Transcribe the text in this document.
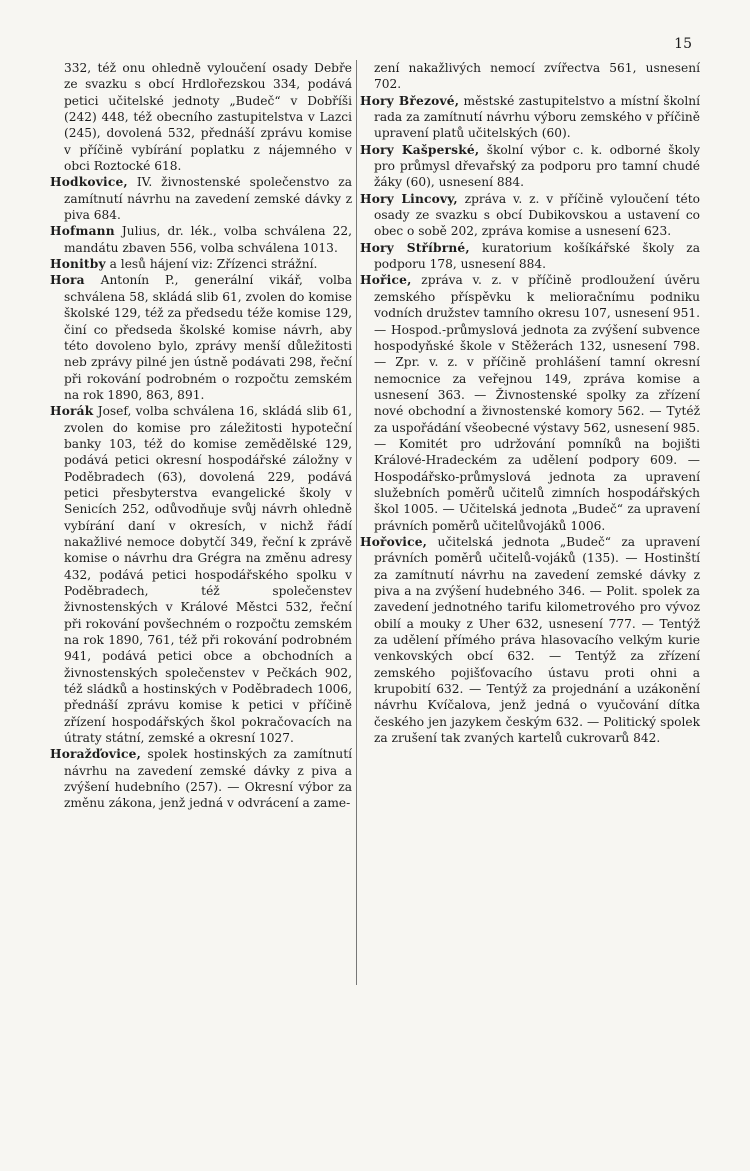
15

332, též onu ohledně vyloučení osady Debře ze svazku s obcí Hrdlořezskou 334, podává petici učitelské jednoty „Budeč“ v Dobříši (242) 448, též obecního zastupitelstva v Lazci (245), dovolená 532, přednáší zprávu komise v příčině vybírání poplatku z nájemného v obci Roztocké 618.

Hodkovice, IV. živnostenské společenstvo za zamítnutí návrhu na zavedení zemské dávky z piva 684.

Hofmann Julius, dr. lék., volba schválena 22, mandátu zbaven 556, volba schválena 1013.

Honitby a lesů hájení viz: Zřízenci strážní.

Hora Antonín P., generální vikář, volba schválena 58, skládá slib 61, zvolen do komise školské 129, též za předsedu téže komise 129, činí co předseda školské komise návrh, aby této dovoleno bylo, zprávy menší důležitosti neb zprávy pilné jen ústně podávati 298, řeční při rokování podrobném o rozpočtu zemském na rok 1890, 863, 891.

Horák Josef, volba schválena 16, skládá slib 61, zvolen do komise pro záležitosti hypoteční banky 103, též do komise zemědělské 129, podává petici okresní hospodářské záložny v Poděbradech (63), dovolená 229, podává petici přesbyterstva evangelické školy v Senicích 252, odůvodňuje svůj návrh ohledně vybírání daní v okresích, v nichž řádí nakažlivé nemoce dobytčí 349, řeční k zprávě komise o návrhu dra Grégra na změnu adresy 432, podává petici hospodářského spolku v Poděbradech, též společenstev živnostenských v Králové Městci 532, řeční při rokování povšechném o rozpočtu zemském na rok 1890, 761, též při rokování podrobném 941, podává petici obce a obchodních a živnostenských společenstev v Pečkách 902, též sládků a hostinských v Poděbradech 1006, přednáší zprávu komise k petici v příčině zřízení hospodářských škol pokračovacích na útraty státní, zemské a okresní 1027.

Horažďovice, spolek hostinských za zamítnutí návrhu na zavedení zemské dávky z piva a zvýšení hudebního (257). — Okresní výbor za změnu zákona, jenž jedná v odvrácení a zame-

zení nakažlivých nemocí zvířectva 561, usnesení 702.

Hory Březové, městské zastupitelstvo a místní školní rada za zamítnutí návrhu výboru zemského v příčině upravení platů učitelských (60).

Hory Kašperské, školní výbor c. k. odborné školy pro průmysl dřevařský za podporu pro tamní chudé žáky (60), usnesení 884.

Hory Lincovy, zpráva v. z. v příčině vyloučení této osady ze svazku s obcí Dubikovskou a ustavení co obec o sobě 202, zpráva komise a usnesení 623.

Hory Stříbrné, kuratorium košíkářské školy za podporu 178, usnesení 884.

Hořice, zpráva v. z. v příčině prodloužení úvěru zemského příspěvku k melioračnímu podniku vodních družstev tamního okresu 107, usnesení 951. — Hospod.-průmyslová jednota za zvýšení subvence hospodyňské škole v Stěžerách 132, usnesení 798. — Zpr. v. z. v příčině prohlášení tamní okresní nemocnice za veřejnou 149, zpráva komise a usnesení 363. — Živnostenské spolky za zřízení nové obchodní a živnostenské komory 562. — Tytéž za uspořádání všeobecné výstavy 562, usnesení 985. — Komitét pro udržování pomníků na bojišti Králové-Hradeckém za udělení podpory 609. — Hospodářsko-průmyslová jednota za upravení služebních poměrů učitelů zimních hospodářských škol 1005. — Učitelská jednota „Budeč“ za upravení právních poměrů učitelůvojáků 1006.

Hořovice, učitelská jednota „Budeč“ za upravení právních poměrů učitelů-vojáků (135). — Hostinští za zamítnutí návrhu na zavedení zemské dávky z piva a na zvýšení hudebného 346. — Polit. spolek za zavedení jednotného tarifu kilometrového pro vývoz obilí a mouky z Uher 632, usnesení 777. — Tentýž za udělení přímého práva hlasovacího velkým kurie venkovských obcí 632. — Tentýž za zřízení zemského pojišťovacího ústavu proti ohni a krupobití 632. — Tentýž za projednání a uzákonění návrhu Kvíčalova, jenž jedná o vyučování dítka českého jen jazykem českým 632. — Politický spolek za zrušení tak zvaných kartelů cukrovarů 842.
